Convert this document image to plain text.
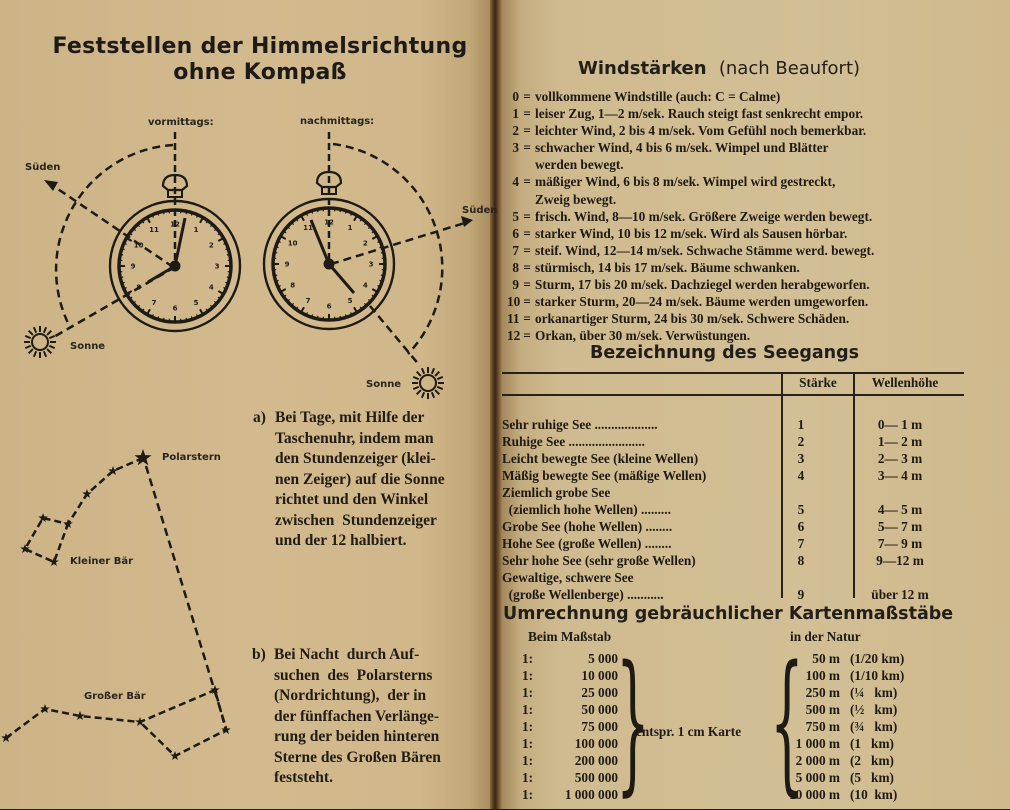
Feststellen der Himmelsrichtung
ohne Kompaß
12
1
2
3
4
5
6
7
8
9
10
11
12
1
2
3
4
5
6
7
8
9
10
11
vormittags:	nachmittags:
Süden
Süden
Sonne
Sonne
Polarstern
Kleiner Bär
Großer Bär
a) Bei Tage, mit Hilfe der
Taschenuhr, indem man
den Stundenzeiger (klei-
nen Zeiger) auf die Sonne
richtet und den Winkel
zwischen  Stundenzeiger
und der 12 halbiert.
b) Bei Nacht  durch Auf-
suchen  des  Polarsterns
(Nordrichtung),  der in
der fünffachen Verlänge-
rung der beiden hinteren
Sterne des Großen Bären
feststeht.
Windstärken (nach Beaufort)
0 = vollkommene Windstille (auch: C = Calme)
1 = leiser Zug, 1—2 m/sek. Rauch steigt fast senkrecht empor.
2 = leichter Wind, 2 bis 4 m/sek. Vom Gefühl noch bemerkbar.
3 = schwacher Wind, 4 bis 6 m/sek. Wimpel und Blätter
werden bewegt.
4 = mäßiger Wind, 6 bis 8 m/sek. Wimpel wird gestreckt,
Zweig bewegt.
5 = frisch. Wind, 8—10 m/sek. Größere Zweige werden bewegt.
6 = starker Wind, 10 bis 12 m/sek. Wird als Sausen hörbar.
7 = steif. Wind, 12—14 m/sek. Schwache Stämme werd. bewegt.
8 = stürmisch, 14 bis 17 m/sek. Bäume schwanken.
9 = Sturm, 17 bis 20 m/sek. Dachziegel werden herabgeworfen.
10 = starker Sturm, 20—24 m/sek. Bäume werden umgeworfen.
11 = orkanartiger Sturm, 24 bis 30 m/sek. Schwere Schäden.
12 = Orkan, über 30 m/sek. Verwüstungen.
Bezeichnung des Seegangs
Stärke	Wellenhöhe
Sehr ruhige See ...................	1	0— 1 m
Ruhige See .......................	2	1— 2 m
Leicht bewegte See (kleine Wellen)	3	2— 3 m
Mäßig bewegte See (mäßige Wellen)	4	3— 4 m
Ziemlich grobe See
(ziemlich hohe Wellen) .........	5	4— 5 m
Grobe See (hohe Wellen) ........	6	5— 7 m
Hohe See (große Wellen) ........	7	7— 9 m
Sehr hohe See (sehr große Wellen)	8	9—12 m
Gewaltige, schwere See
(große Wellenberge) ...........	9	über 12 m
Umrechnung gebräuchlicher Kartenmaßstäbe
Beim Maßstab	in der Natur
entspr. 1 cm Karte
} {
1:	5 000	50 m (1/20 km)
1:	10 000	100 m (1/10 km)
1:	25 000	250 m (¼   km)
1:	50 000	500 m (½   km)
1:	75 000	750 m (¾   km)
1:	100 000	1 000 m (1   km)
1:	200 000	2 000 m (2   km)
1:	500 000	5 000 m (5   km)
1:	1 000 000	10 000 m (10  km)
